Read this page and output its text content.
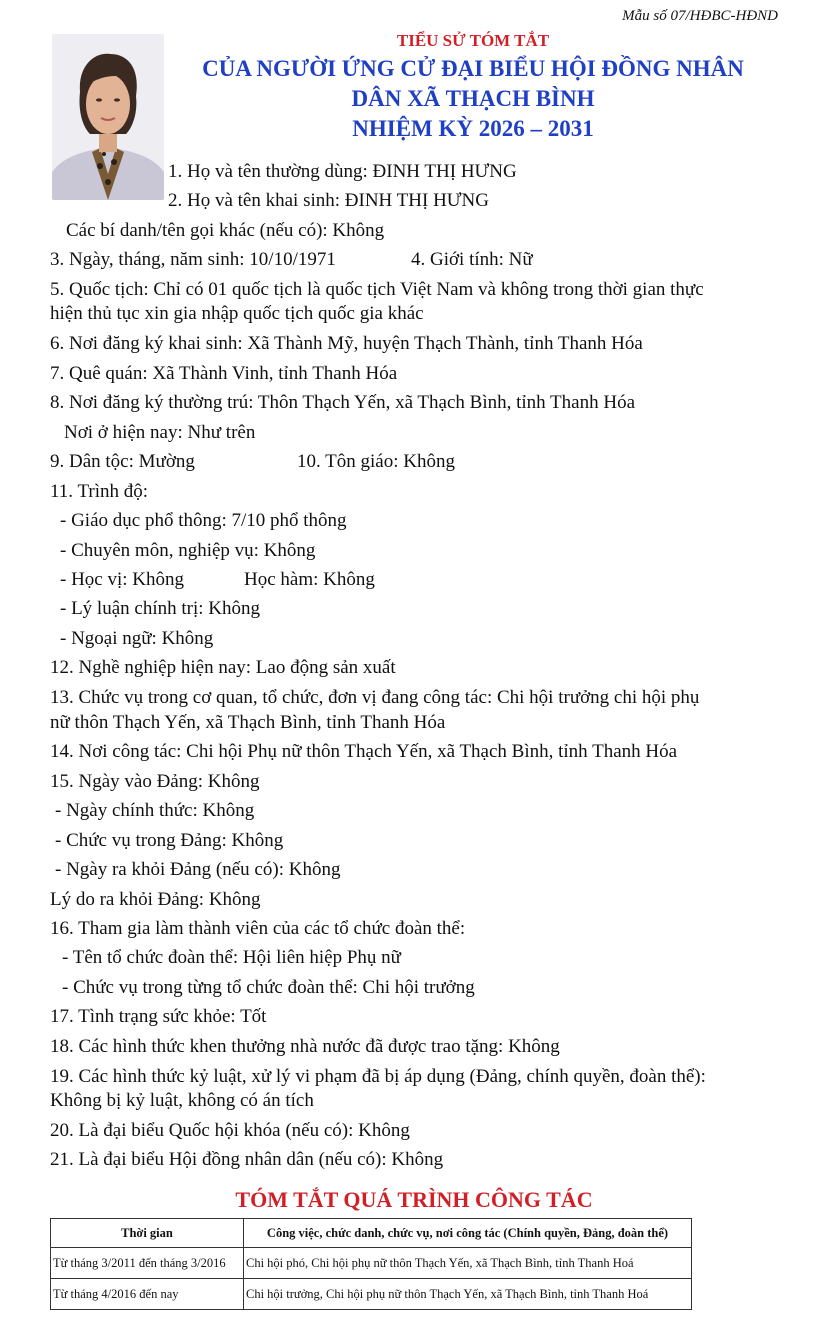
Mẫu số 07/HĐBC-HĐND
TIỂU SỬ TÓM TẮT
CỦA NGƯỜI ỨNG CỬ ĐẠI BIỂU HỘI ĐỒNG NHÂN
DÂN XÃ THẠCH BÌNH
NHIỆM KỲ 2026 – 2031
1. Họ và tên thường dùng: ĐINH THỊ HƯNG
2. Họ và tên khai sinh: ĐINH THỊ HƯNG
Các bí danh/tên gọi khác (nếu có): Không
3. Ngày, tháng, năm sinh: 10/10/1971	4. Giới tính: Nữ
5. Quốc tịch: Chỉ có 01 quốc tịch là quốc tịch Việt Nam và không trong thời gian thực
hiện thủ tục xin gia nhập quốc tịch quốc gia khác
6. Nơi đăng ký khai sinh: Xã Thành Mỹ, huyện Thạch Thành, tỉnh Thanh Hóa
7. Quê quán: Xã Thành Vinh, tỉnh Thanh Hóa
8. Nơi đăng ký thường trú: Thôn Thạch Yến, xã Thạch Bình, tỉnh Thanh Hóa
Nơi ở hiện nay: Như trên
9. Dân tộc: Mường	10. Tôn giáo: Không
11. Trình độ:
- Giáo dục phổ thông: 7/10 phổ thông
- Chuyên môn, nghiệp vụ: Không
- Học vị: Không	Học hàm: Không
- Lý luận chính trị: Không
- Ngoại ngữ: Không
12. Nghề nghiệp hiện nay: Lao động sản xuất
13. Chức vụ trong cơ quan, tổ chức, đơn vị đang công tác: Chi hội trưởng chi hội phụ
nữ thôn Thạch Yến, xã Thạch Bình, tỉnh Thanh Hóa
14. Nơi công tác: Chi hội Phụ nữ thôn Thạch Yến, xã Thạch Bình, tỉnh Thanh Hóa
15. Ngày vào Đảng: Không
- Ngày chính thức: Không
- Chức vụ trong Đảng: Không
- Ngày ra khỏi Đảng (nếu có): Không
Lý do ra khỏi Đảng: Không
16. Tham gia làm thành viên của các tổ chức đoàn thể:
- Tên tổ chức đoàn thể: Hội liên hiệp Phụ nữ
- Chức vụ trong từng tổ chức đoàn thể: Chi hội trưởng
17. Tình trạng sức khỏe: Tốt
18. Các hình thức khen thưởng nhà nước đã được trao tặng: Không
19. Các hình thức kỷ luật, xử lý vi phạm đã bị áp dụng (Đảng, chính quyền, đoàn thể):
Không bị kỷ luật, không có án tích
20. Là đại biểu Quốc hội khóa (nếu có): Không
21. Là đại biểu Hội đồng nhân dân (nếu có): Không
TÓM TẮT QUÁ TRÌNH CÔNG TÁC
Thời gian	Công việc, chức danh, chức vụ, nơi công tác (Chính quyền, Đảng, đoàn thể)
Từ tháng 3/2011 đến tháng 3/2016	Chi hội phó, Chi hội phụ nữ thôn Thạch Yến, xã Thạch Bình, tỉnh Thanh Hoá
Từ tháng 4/2016 đến nay	Chi hội trưởng, Chi hội phụ nữ thôn Thạch Yến, xã Thạch Bình, tỉnh Thanh Hoá
